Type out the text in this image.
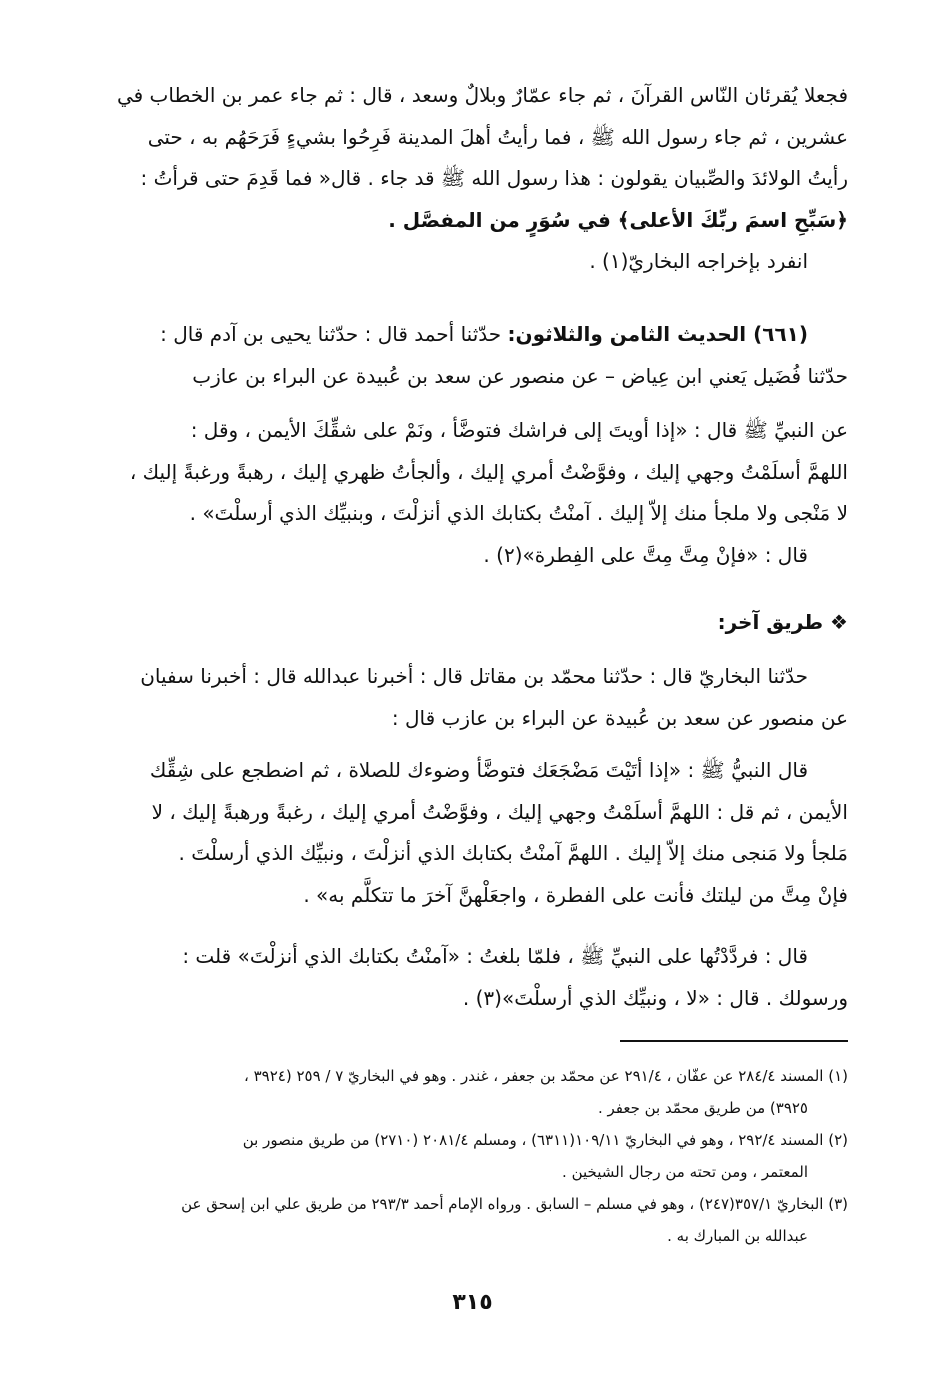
فجعلا يُقرئان النّاس القرآنَ ، ثم جاء عمّارٌ وبلالٌ وسعد ، قال : ثم جاء عمر بن الخطاب في
عشرين ، ثم جاء رسول الله ﷺ ، فما رأيتُ أهلَ المدينة فَرِحُوا بشيءٍ فَرَحَهُم به ، حتى
رأيتُ الولائدَ والصِّبيان يقولون : هذا رسول الله ﷺ قد جاء . قال« فما قَدِمَ حتى قرأتُ :
﴿سَبِّحِ اسمَ ربِّكَ الأعلى﴾ في سُوَرٍ من المفصَّل .
انفرد بإخراجه البخاريّ(١) .
(٦٦١) الحديث الثامن والثلاثون: حدّثنا أحمد قال : حدّثنا يحيى بن آدم قال :
حدّثنا فُضَيل يَعني ابن عِياض – عن منصور عن سعد بن عُبيدة عن البراء بن عازب
عن النبيِّ ﷺ قال : «إذا أويتَ إلى فراشك فتوضَّأ ، ونَمْ على شقِّكَ الأيمن ، وقل :
اللهمَّ أسلَمْتُ وجهي إليك ، وفوَّضْتُ أمري إليك ، وألجأتُ ظهري إليك ، رهبةً ورغبةً إليك ،
لا مَنْجى ولا ملجأ منك إلاّ إليك . آمنْتُ بكتابك الذي أنزلْتَ ، وبنبيِّك الذي أرسلْتَ» .
قال : «فإنْ مِتَّ مِتَّ على الفِطرة»(٢) .
❖ طريق آخر:
حدّثنا البخاريّ قال : حدّثنا محمّد بن مقاتل قال : أخبرنا عبدالله قال : أخبرنا سفيان
عن منصور عن سعد بن عُبيدة عن البراء بن عازب قال :
قال النبيُّ ﷺ : «إذا أتَيْتَ مَضْجَعَك فتوضَّأ وضوءك للصلاة ، ثم اضطجع على شِقِّك
الأيمن ، ثم قل : اللهمَّ أسلَمْتُ وجهي إليك ، وفوَّضْتُ أمري إليك ، رغبةً ورهبةً إليك ، لا
مَلجأ ولا مَنجى منك إلاّ إليك . اللهمَّ آمنْتُ بكتابك الذي أنزلْتَ ، ونبيِّك الذي أرسلْتَ .
فإنْ مِتَّ من ليلتك فأنت على الفطرة ، واجعَلْهنَّ آخرَ ما تتكلَّم به» .
قال : فردَّدْتُها على النبيِّ ﷺ ، فلمّا بلغتُ : «آمنْتُ بكتابك الذي أنزلْتَ» قلت :
ورسولك . قال : «لا ، ونبيِّك الذي أرسلْتَ»(٣) .
(١) المسند ٢٨٤/٤ عن عفّان ، ٢٩١/٤ عن محمّد بن جعفر ، غندر . وهو في البخاريّ ٧ / ٢٥٩ (٣٩٢٤ ،
٣٩٢٥) من طريق محمّد بن جعفر .
(٢) المسند ٢٩٢/٤ ، وهو في البخاريّ ١٠٩/١١(٦٣١١) ، ومسلم ٢٠٨١/٤ (٢٧١٠) من طريق منصور بن
المعتمر ، ومن تحته من رجال الشيخين .
(٣) البخاريّ ٣٥٧/١(٢٤٧) ، وهو في مسلم – السابق . ورواه الإمام أحمد ٢٩٣/٣ من طريق علي ابن إسحق عن
عبدالله بن المبارك به .
٣١٥
